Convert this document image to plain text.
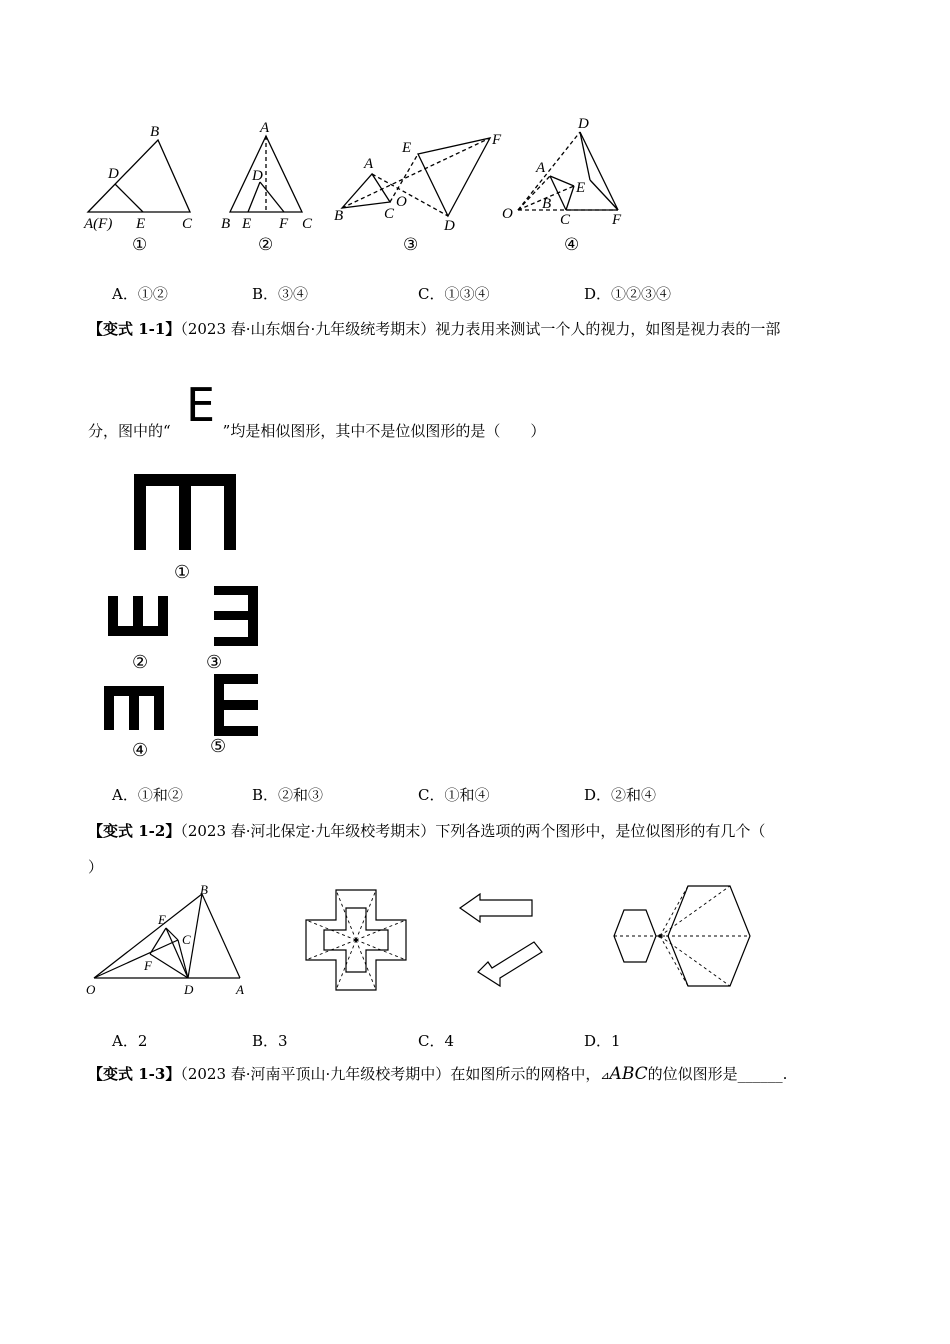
B
D
A(F) E C
A
D
B E F C
A
E	F
O
B	C
D
D
A
E
O
B
C	F
①	②	③	④
A．①②	B．③④	C．①③④	D．①②③④
【变式 1-1】（2023 春·山东烟台·九年级统考期末）视力表用来测试一个人的视力，如图是视力表的一部
分，图中的“	”均是相似图形，其中不是位似图形的是（　　）
E
①
②	③
④	⑤
A．①和②	B．②和③	C．①和④	D．②和④
【变式 1-2】（2023 春·河北保定·九年级校考期末）下列各选项的两个图形中，是位似图形的有几个（
）
B
E
C
F
O	D	A
A．2	B．3	C．4	D．1
【变式 1-3】（2023 春·河南平顶山·九年级校考期中）在如图所示的网格中，⊿ABC的位似图形是______.
